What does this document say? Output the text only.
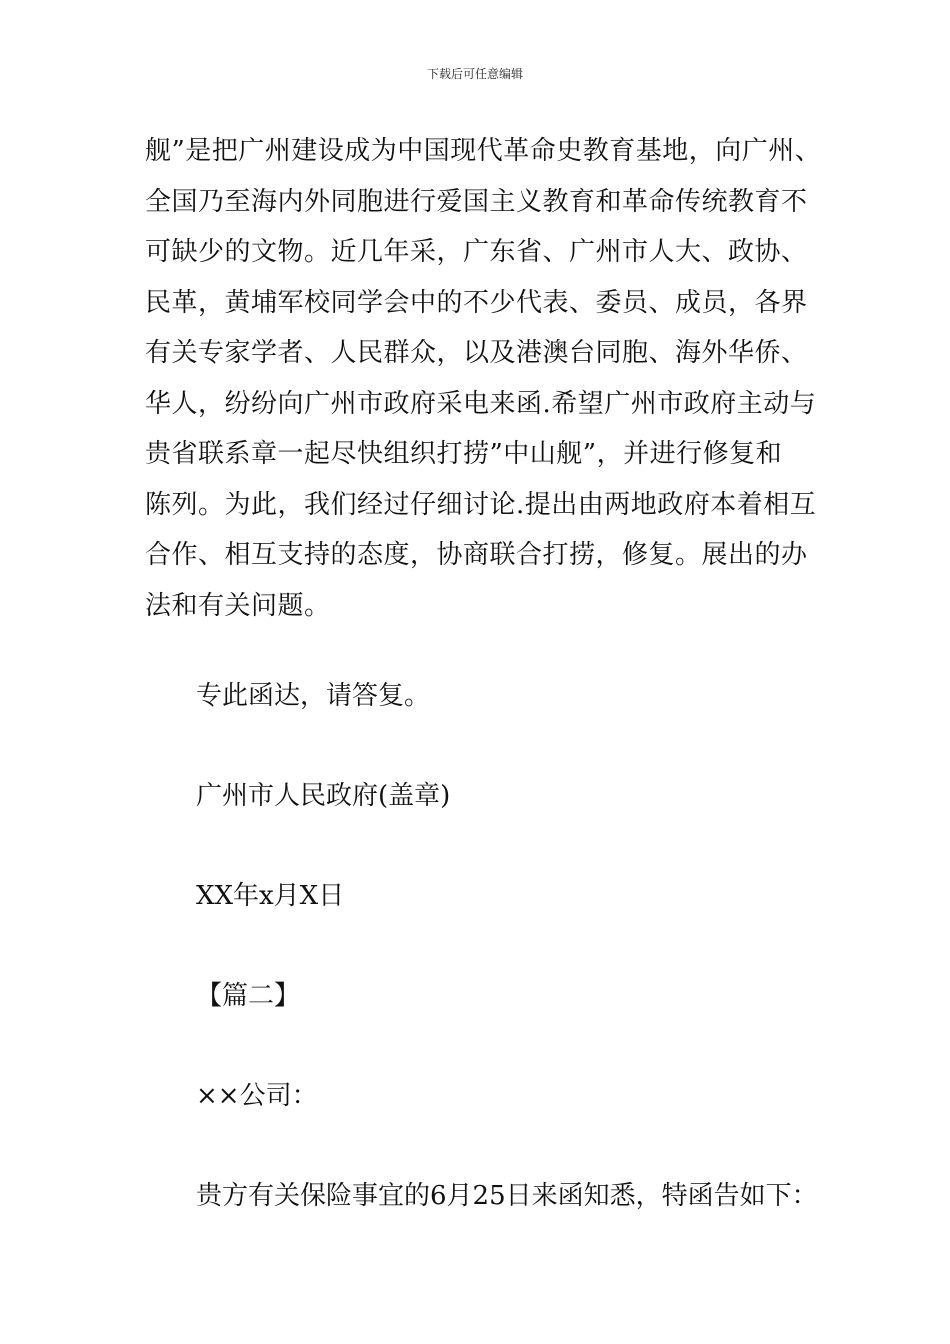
下载后可任意编辑
舰”是把广州建设成为中国现代革命史教育基地，向广州、
全国乃至海内外同胞进行爱国主义教育和革命传统教育不
可缺少的文物。近几年采，广东省、广州市人大、政协、
民革，黄埔军校同学会中的不少代表、委员、成员，各界
有关专家学者、人民群众，以及港澳台同胞、海外华侨、
华人，纷纷向广州市政府采电来函.希望广州市政府主动与
贵省联系章一起尽快组织打捞”中山舰”，并进行修复和
陈列。为此，我们经过仔细讨论.提出由两地政府本着相互
合作、相互支持的态度，协商联合打捞，修复。展出的办
法和有关问题。
专此函达，请答复。
广州市人民政府(盖章)
XX年x月X日
【篇二】
××公司：
贵方有关保险事宜的6月25日来函知悉，特函告如下：
